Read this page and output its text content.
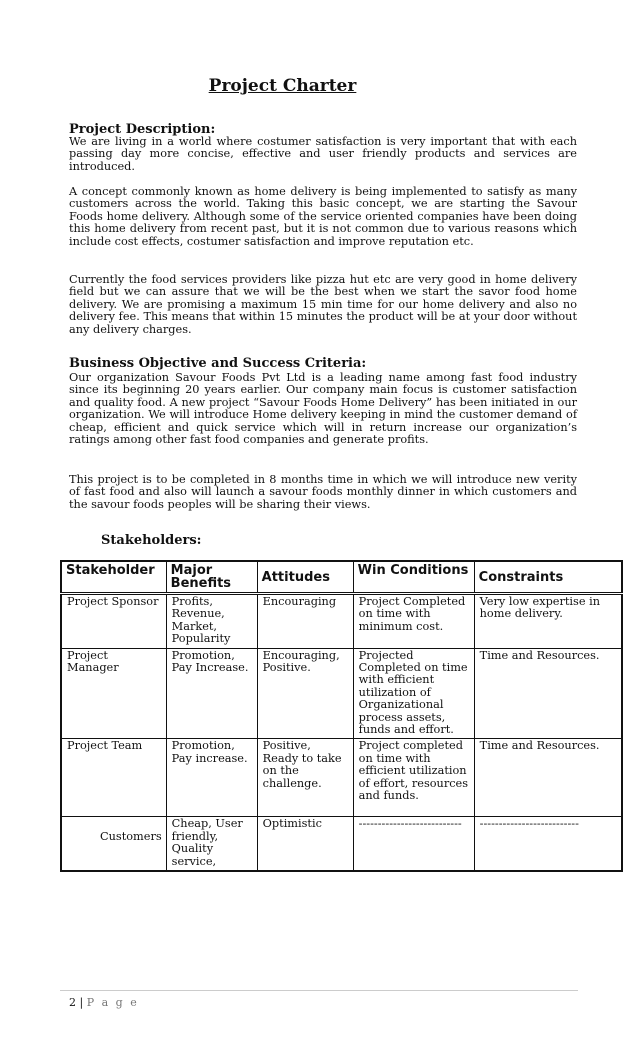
Project Charter
Project Description:

We are living in a world where costumer satisfaction is very important that with each passing day more concise, effective and user friendly products and services are introduced.

A concept commonly known as home delivery is being implemented to satisfy as many customers across the world. Taking this basic concept, we are starting the Savour Foods home delivery. Although some of the service oriented companies have been doing this home delivery from recent past, but it is not common due to various reasons which include cost effects, costumer satisfaction and improve reputation etc.

Currently the food services providers like pizza hut etc are very good in home delivery field but we can assure that we will be the best when we start the savor food home delivery. We are promising a maximum 15 min time for our home delivery and also no delivery fee. This means that within 15 minutes the product will be at your door without any delivery charges.

Business Objective and Success Criteria:

Our organization Savour Foods Pvt Ltd is a leading name among fast food industry since its beginning 20 years earlier. Our company main focus is customer satisfaction and quality food. A new project “Savour Foods Home Delivery” has been initiated in our organization. We will introduce Home delivery keeping in mind the customer demand of cheap, efficient and quick service which will in return increase our organization’s ratings among other fast food companies and generate profits.

This project is to be completed in 8 months time in which we will introduce new verity of fast food and also will launch a savour foods monthly dinner in which customers and the savour foods peoples will be sharing their views.

Stakeholders:
Stakeholder	Major Benefits	Attitudes	Win Conditions	Constraints
Project Sponsor	Profits, Revenue, Market, Popularity	Encouraging	Project Completed on time with minimum cost.	Very low expertise in home delivery.
Project Manager	Promotion, Pay Increase.	Encouraging, Positive.	Projected Completed on time with efficient utilization of Organizational process assets, funds and effort.	Time and Resources.
Project Team	Promotion, Pay increase.	Positive, Ready to take on the challenge.	Project completed on time with efficient utilization of effort, resources and funds.	Time and Resources.
Customers	Cheap, User friendly, Quality service,	Optimistic	---------------------------	--------------------------
2 | P a g e
